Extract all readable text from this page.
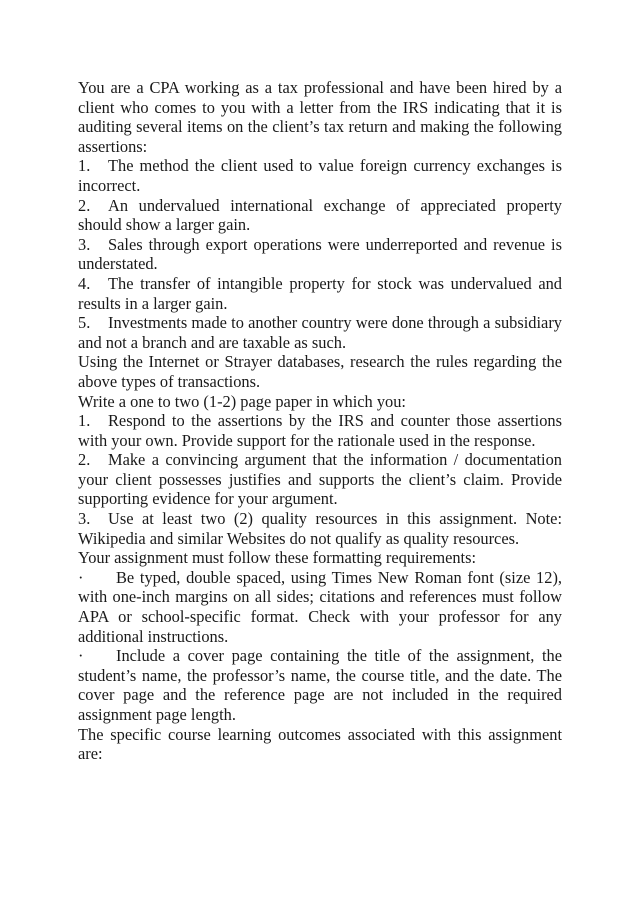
You are a CPA working as a tax professional and have been hired by a client who comes to you with a letter from the IRS indicating that it is auditing several items on the client’s tax return and making the following assertions:

1. The method the client used to value foreign currency exchanges is incorrect.

2. An undervalued international exchange of appreciated property should show a larger gain.

3. Sales through export operations were underreported and revenue is understated.

4. The transfer of intangible property for stock was undervalued and results in a larger gain.

5. Investments made to another country were done through a subsidiary and not a branch and are taxable as such.

Using the Internet or Strayer databases, research the rules regarding the above types of transactions.

Write a one to two (1-2) page paper in which you:

1. Respond to the assertions by the IRS and counter those assertions with your own. Provide support for the rationale used in the response.

2. Make a convincing argument that the information / documentation your client possesses justifies and supports the client’s claim. Provide supporting evidence for your argument.

3. Use at least two (2) quality resources in this assignment. Note: Wikipedia and similar Websites do not qualify as quality resources.

Your assignment must follow these formatting requirements:

· Be typed, double spaced, using Times New Roman font (size 12), with one-inch margins on all sides; citations and references must follow APA or school-specific format. Check with your professor for any additional instructions.

· Include a cover page containing the title of the assignment, the student’s name, the professor’s name, the course title, and the date. The cover page and the reference page are not included in the required assignment page length.

The specific course learning outcomes associated with this assignment are:
